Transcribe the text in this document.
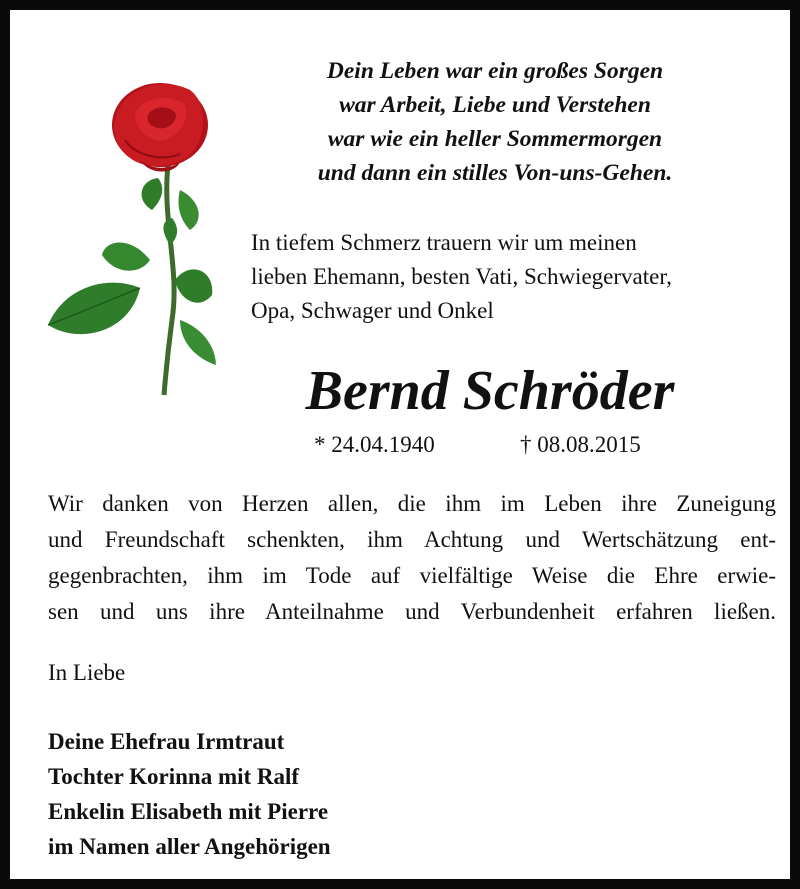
Dein Leben war ein großes Sorgen
war Arbeit, Liebe und Verstehen
war wie ein heller Sommermorgen
und dann ein stilles Von-uns-Gehen.
In tiefem Schmerz trauern wir um meinen
lieben Ehemann, besten Vati, Schwiegervater,
Opa, Schwager und Onkel
Bernd Schröder
* 24.04.1940	† 08.08.2015
Wir danken von Herzen allen, die ihm im Leben ihre Zuneigung
und Freundschaft schenkten, ihm Achtung und Wertschätzung ent-
gegenbrachten, ihm im Tode auf vielfältige Weise die Ehre erwie-
sen und uns ihre Anteilnahme und Verbundenheit erfahren ließen.
In Liebe
Deine Ehefrau Irmtraut
Tochter Korinna mit Ralf
Enkelin Elisabeth mit Pierre
im Namen aller Angehörigen
